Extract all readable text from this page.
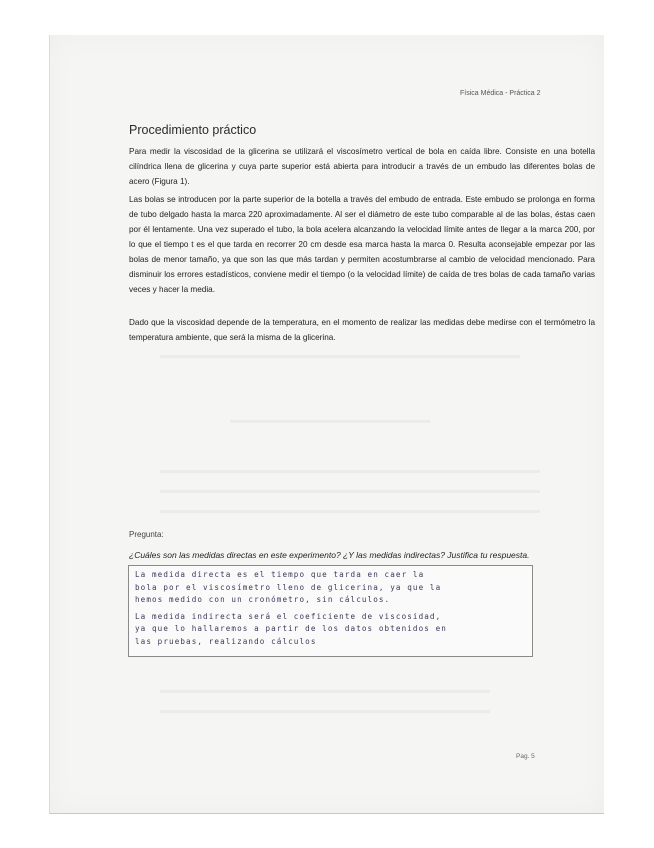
Física Médica - Práctica 2
Procedimiento práctico

Para medir la viscosidad de la glicerina se utilizará el viscosímetro vertical de bola en caída libre. Consiste en una botella cilíndrica llena de glicerina y cuya parte superior está abierta para introducir a través de un embudo las diferentes bolas de acero (Figura 1).

Las bolas se introducen por la parte superior de la botella a través del embudo de entrada. Este embudo se prolonga en forma de tubo delgado hasta la marca 220 aproximadamente. Al ser el diámetro de este tubo comparable al de las bolas, éstas caen por él lentamente. Una vez superado el tubo, la bola acelera alcanzando la velocidad límite antes de llegar a la marca 200, por lo que el tiempo t es el que tarda en recorrer 20 cm desde esa marca hasta la marca 0. Resulta aconsejable empezar por las bolas de menor tamaño, ya que son las que más tardan y permiten acostumbrarse al cambio de velocidad mencionado. Para disminuir los errores estadísticos, conviene medir el tiempo (o la velocidad límite) de caída de tres bolas de cada tamaño varias veces y hacer la media.

Dado que la viscosidad depende de la temperatura, en el momento de realizar las medidas debe medirse con el termómetro la temperatura ambiente, que será la misma de la glicerina.

Pregunta:
¿Cuáles son las medidas directas en este experimento? ¿Y las medidas indirectas? Justifica tu respuesta.
La medida directa es el tiempo que tarda en caer la
bola por el viscosímetro lleno de glicerina, ya que la
hemos medido con un cronómetro, sin cálculos.
La medida indirecta será el coeficiente de viscosidad,
ya que lo hallaremos a partir de los datos obtenidos en
las pruebas, realizando cálculos
Pag. 5
